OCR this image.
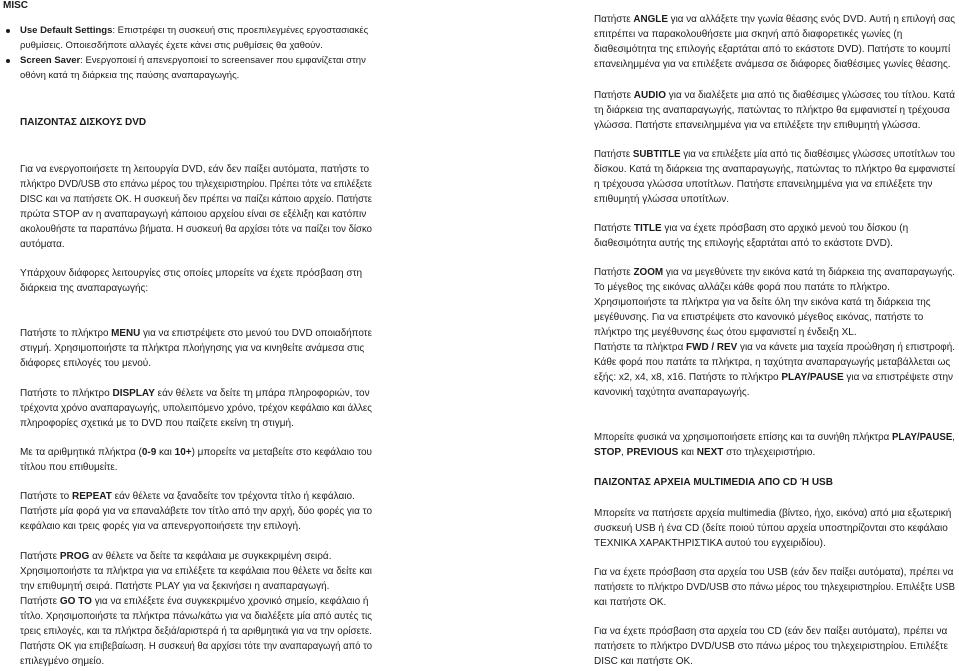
MISC
Use Default Settings: Επιστρέφει τη συσκευή στις προεπιλεγμένες εργοστασιακές
ρυθμίσεις. Οποιεσδήποτε αλλαγές έχετε κάνει στις ρυθμίσεις θα χαθούν.
Screen Saver: Ενεργοποιεί ή απενεργοποιεί το screensaver που εμφανίζεται στην
οθόνη κατά τη διάρκεια της παύσης αναπαραγωγής.
ΠΑΙΖΟΝΤΑΣ ΔΙΣΚΟΥΣ DVD
Για να ενεργοποιήσετε τη λειτουργία DVD, εάν δεν παίξει αυτόματα, πατήστε το
πλήκτρο DVD/USB στο επάνω μέρος του τηλεχειριστηρίου. Πρέπει τότε να επιλέξετε
DISC και να πατήσετε OK. Η συσκευή δεν πρέπει να παίζει κάποιο αρχείο. Πατήστε
πρώτα STOP αν η αναπαραγωγή κάποιου αρχείου είναι σε εξέλιξη και κατόπιν
ακολουθήστε τα παραπάνω βήματα. Η συσκευή θα αρχίσει τότε να παίζει τον δίσκο
αυτόματα.
Υπάρχουν διάφορες λειτουργίες στις οποίες μπορείτε να έχετε πρόσβαση στη
διάρκεια της αναπαραγωγής:
Πατήστε το πλήκτρο MENU για να επιστρέψετε στο μενού του DVD οποιαδήποτε
στιγμή. Χρησιμοποιήστε τα πλήκτρα πλοήγησης για να κινηθείτε ανάμεσα στις
διάφορες επιλογές του μενού.
Πατήστε το πλήκτρο DISPLAY εάν θέλετε να δείτε τη μπάρα πληροφοριών, τον
τρέχοντα χρόνο αναπαραγωγής, υπολειπόμενο χρόνο, τρέχον κεφάλαιο και άλλες
πληροφορίες σχετικά με το DVD που παίζετε εκείνη τη στιγμή.
Με τα αριθμητικά πλήκτρα (0-9 και 10+) μπορείτε να μεταβείτε στο κεφάλαιο του
τίτλου που επιθυμείτε.
Πατήστε το REPEAT εάν θέλετε να ξαναδείτε τον τρέχοντα τίτλο ή κεφάλαιο.
Πατήστε μία φορά για να επαναλάβετε τον τίτλο από την αρχή, δύο φορές για το
κεφάλαιο και τρεις φορές για να απενεργοποιήσετε την επιλογή.
Πατήστε PROG αν θέλετε να δείτε τα κεφάλαια με συγκεκριμένη σειρά.
Χρησιμοποιήστε τα πλήκτρα για να επιλέξετε τα κεφάλαια που θέλετε να δείτε και
την επιθυμητή σειρά. Πατήστε PLAY για να ξεκινήσει η αναπαραγωγή.
Πατήστε GO TO για να επιλέξετε ένα συγκεκριμένο χρονικό σημείο, κεφάλαιο ή
τίτλο. Χρησιμοποιήστε τα πλήκτρα πάνω/κάτω για να διαλέξετε μία από αυτές τις
τρεις επιλογές, και τα πλήκτρα δεξιά/αριστερά ή τα αριθμητικά για να την ορίσετε.
Πατήστε OK για επιβεβαίωση. Η συσκευή θα αρχίσει τότε την αναπαραγωγή από το
επιλεγμένο σημείο.
Πατήστε ANGLE για να αλλάξετε την γωνία θέασης ενός DVD. Αυτή η επιλογή σας
επιτρέπει να παρακολουθήσετε μια σκηνή από διαφορετικές γωνίες (η
διαθεσιμότητα της επιλογής εξαρτάται από το εκάστοτε DVD). Πατήστε το κουμπί
επανειλημμένα για να επιλέξετε ανάμεσα σε διάφορες διαθέσιμες γωνίες θέασης.
Πατήστε AUDIO για να διαλέξετε μια από τις διαθέσιμες γλώσσες του τίτλου. Κατά
τη διάρκεια της αναπαραγωγής, πατώντας το πλήκτρο θα εμφανιστεί η τρέχουσα
γλώσσα. Πατήστε επανειλημμένα για να επιλέξετε την επιθυμητή γλώσσα.
Πατήστε SUBTITLE για να επιλέξετε μία από τις διαθέσιμες γλώσσες υποτίτλων του
δίσκου. Κατά τη διάρκεια της αναπαραγωγής, πατώντας το πλήκτρο θα εμφανιστεί
η τρέχουσα γλώσσα υποτίτλων. Πατήστε επανειλημμένα για να επιλέξετε την
επιθυμητή γλώσσα υποτίτλων.
Πατήστε TITLE για να έχετε πρόσβαση στο αρχικό μενού του δίσκου (η
διαθεσιμότητα αυτής της επιλογής εξαρτάται από το εκάστοτε DVD).
Πατήστε ZOOM για να μεγεθύνετε την εικόνα κατά τη διάρκεια της αναπαραγωγής.
Το μέγεθος της εικόνας αλλάζει κάθε φορά που πατάτε το πλήκτρο.
Χρησιμοποιήστε τα πλήκτρα για να δείτε όλη την εικόνα κατά τη διάρκεια της
μεγέθυνσης. Για να επιστρέψετε στο κανονικό μέγεθος εικόνας, πατήστε το
πλήκτρο της μεγέθυνσης έως ότου εμφανιστεί η ένδειξη XL.
Πατήστε τα πλήκτρα FWD / REV για να κάνετε μια ταχεία προώθηση ή επιστροφή.
Κάθε φορά που πατάτε τα πλήκτρα, η ταχύτητα αναπαραγωγής μεταβάλλεται ως
εξής: x2, x4, x8, x16. Πατήστε το πλήκτρο PLAY/PAUSE για να επιστρέψετε στην
κανονική ταχύτητα αναπαραγωγής.
Μπορείτε φυσικά να χρησιμοποιήσετε επίσης και τα συνήθη πλήκτρα PLAY/PAUSE,
STOP, PREVIOUS και NEXT στο τηλεχειριστήριο.
ΠΑΙΖΟΝΤΑΣ ΑΡΧΕΙΑ MULTIMEDIA ΑΠΟ CD Ή USB
Μπορείτε να πατήσετε αρχεία multimedia (βίντεο, ήχο, εικόνα) από μια εξωτερική
συσκευή USB ή ένα CD (δείτε ποιού τύπου αρχεία υποστηρίζονται στο κεφάλαιο
ΤΕΧΝΙΚΑ ΧΑΡΑΚΤΗΡΙΣΤΙΚΑ αυτού του εγχειριδίου).
Για να έχετε πρόσβαση στα αρχεία του USB (εάν δεν παίξει αυτόματα), πρέπει να
πατήσετε το πλήκτρο DVD/USB στο πάνω μέρος του τηλεχειριστηρίου. Επιλέξτε USB
και πατήστε OK.
Για να έχετε πρόσβαση στα αρχεία του CD (εάν δεν παίξει αυτόματα), πρέπει να
πατήσετε το πλήκτρο DVD/USB στο πάνω μέρος του τηλεχειριστηρίου. Επιλέξτε
DISC και πατήστε OK.
